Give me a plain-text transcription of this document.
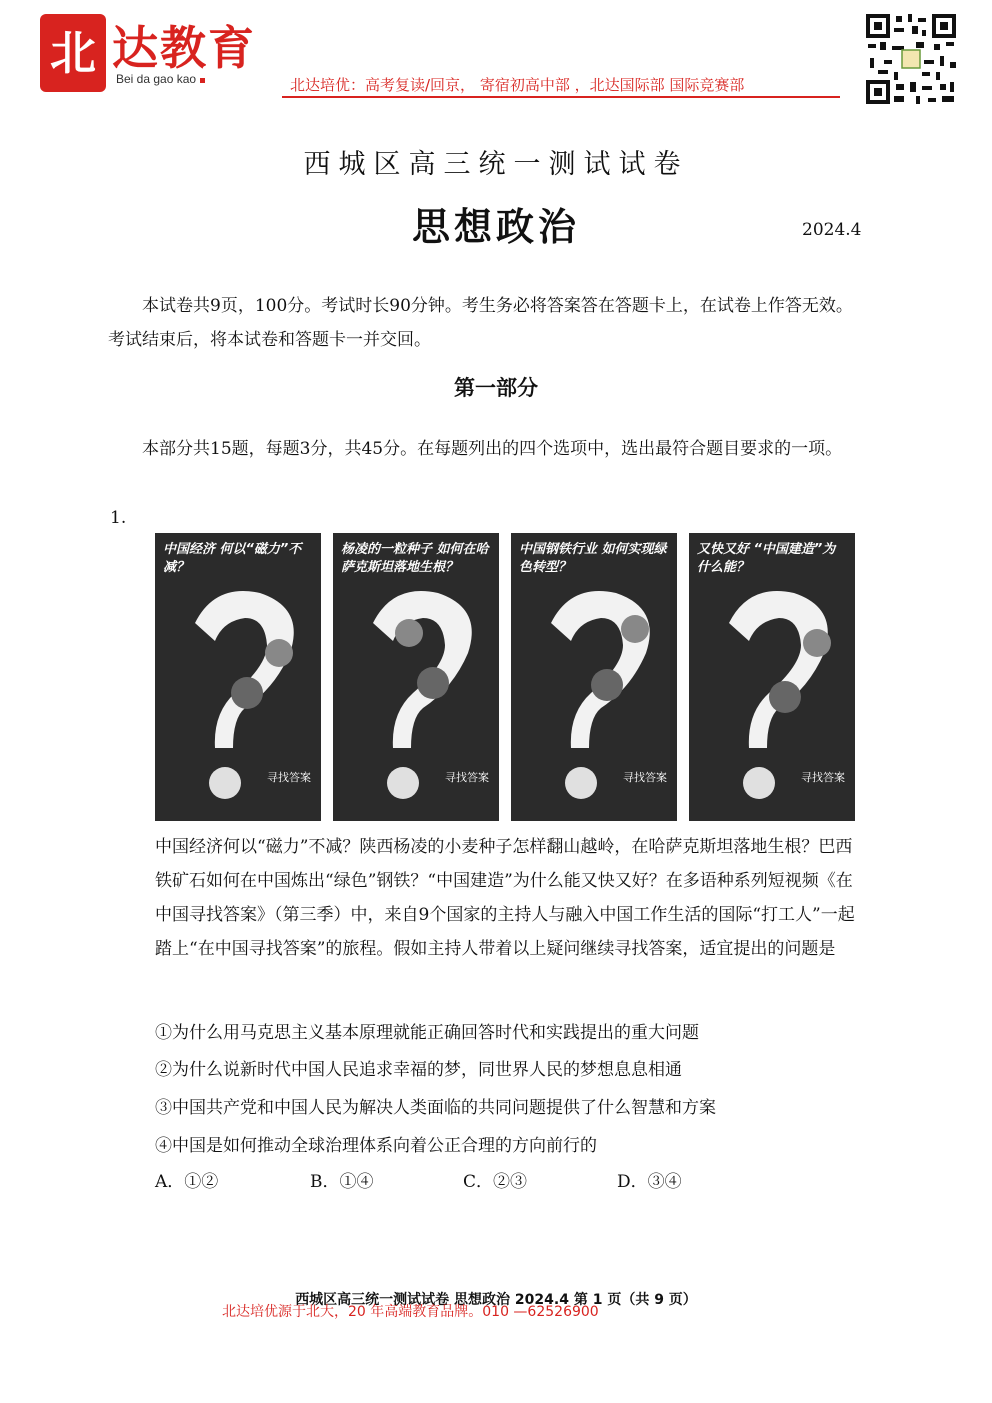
北 达教育
Bei da gao kao	北达培优：高考复读/回京， 寄宿初高中部 ，北达国际部 国际竞赛部
西城区高三统一测试试卷
思想政治	2024.4
本试卷共9页，100分。考试时长90分钟。考生务必将答案答在答题卡上，在试卷上作答无效。考试结束后，将本试卷和答题卡一并交回。
第一部分
本部分共15题，每题3分，共45分。在每题列出的四个选项中，选出最符合题目要求的一项。
1.
中国经济 何以“磁力”不减？
寻找答案
杨凌的一粒种子 如何在哈萨克斯坦落地生根？
寻找答案
中国钢铁行业 如何实现绿色转型？
寻找答案
又快又好 “中国建造”为什么能？
寻找答案
中国经济何以“磁力”不减？陕西杨凌的小麦种子怎样翻山越岭，在哈萨克斯坦落地生根？巴西铁矿石如何在中国炼出“绿色”钢铁？“中国建造”为什么能又快又好？在多语种系列短视频《在中国寻找答案》（第三季）中，来自9个国家的主持人与融入中国工作生活的国际“打工人”一起踏上“在中国寻找答案”的旅程。假如主持人带着以上疑问继续寻找答案，适宜提出的问题是
①为什么用马克思主义基本原理就能正确回答时代和实践提出的重大问题
②为什么说新时代中国人民追求幸福的梦，同世界人民的梦想息息相通
③中国共产党和中国人民为解决人类面临的共同问题提供了什么智慧和方案
④中国是如何推动全球治理体系向着公正合理的方向前行的
A．①②	B．①④	C．②③	D．③④
西城区高三统一测试试卷 思想政治 2024.4 第 1 页（共 9 页）
北达培优源于北大，20 年高端教育品牌。010 —62526900
